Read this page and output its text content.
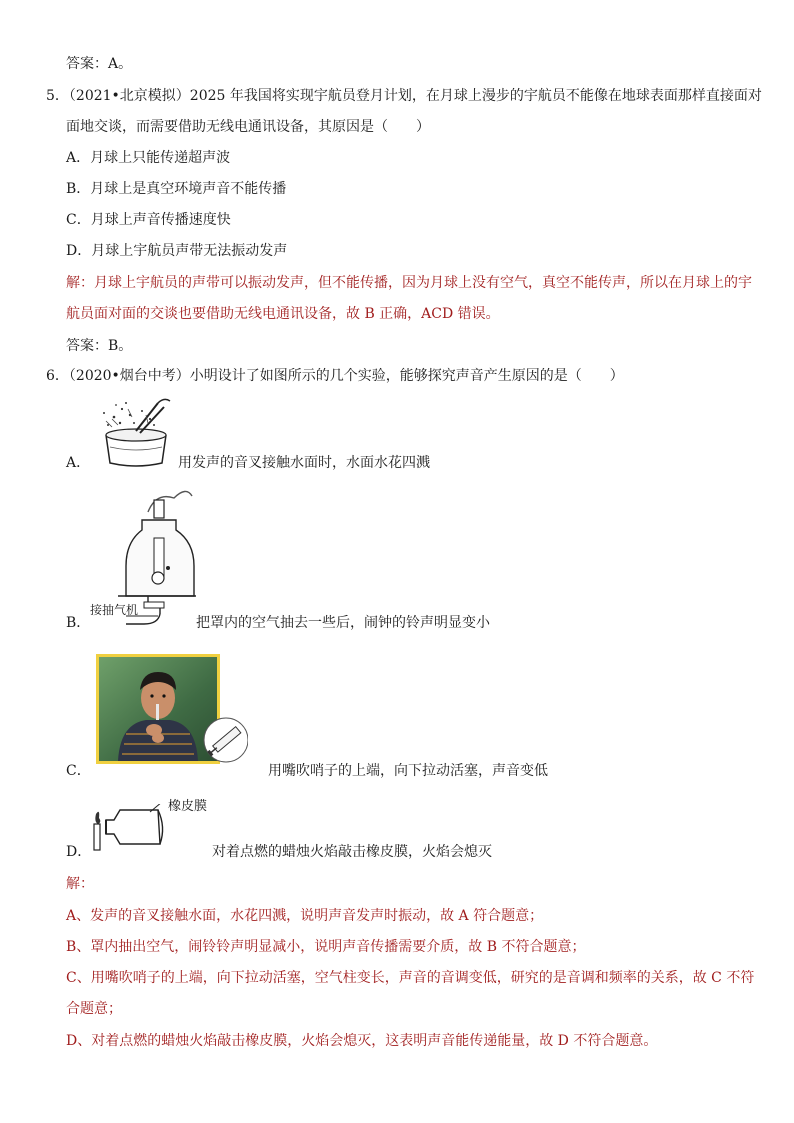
答案：A。
5．（2021•北京模拟）2025 年我国将实现宇航员登月计划，在月球上漫步的宇航员不能像在地球表面那样直接面对
面地交谈，而需要借助无线电通讯设备，其原因是（　　）
A．月球上只能传递超声波
B．月球上是真空环境声音不能传播
C．月球上声音传播速度快
D．月球上宇航员声带无法振动发声
解：月球上宇航员的声带可以振动发声，但不能传播，因为月球上没有空气，真空不能传声，所以在月球上的宇
航员面对面的交谈也要借助无线电通讯设备，故 B 正确，ACD 错误。
答案：B。
6．（2020•烟台中考）小明设计了如图所示的几个实验，能够探究声音产生原因的是（　　）
A．	用发声的音叉接触水面时，水面水花四溅
接抽气机
B．	把罩内的空气抽去一些后，闹钟的铃声明显变小
C．	用嘴吹哨子的上端，向下拉动活塞，声音变低
橡皮膜
D．	对着点燃的蜡烛火焰敲击橡皮膜，火焰会熄灭
解：
A、发声的音叉接触水面，水花四溅，说明声音发声时振动，故 A 符合题意；
B、罩内抽出空气，闹铃铃声明显减小，说明声音传播需要介质，故 B 不符合题意；
C、用嘴吹哨子的上端，向下拉动活塞，空气柱变长，声音的音调变低，研究的是音调和频率的关系，故 C 不符
合题意；
D、对着点燃的蜡烛火焰敲击橡皮膜，火焰会熄灭，这表明声音能传递能量，故 D 不符合题意。
